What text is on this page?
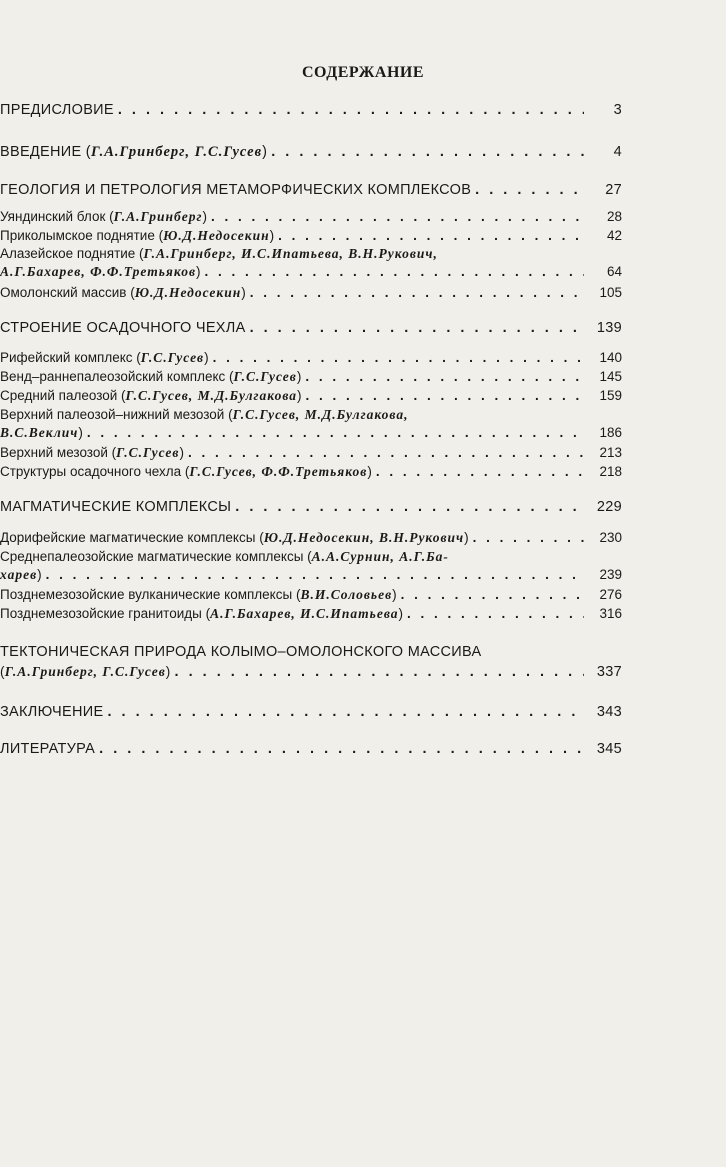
СОДЕРЖАНИЕ
ПРЕДИСЛОВИЕ . . .	3
ВВЕДЕНИЕ (Г.А.Гринберг, Г.С.Гусев) . . .	4
ГЕОЛОГИЯ И ПЕТРОЛОГИЯ МЕТАМОРФИЧЕСКИХ КОМПЛЕКСОВ . . .	27
Уяндинский блок (Г.А.Гринберг) . . .	28
Приколымское поднятие (Ю.Д.Недосекин) . . .	42
Алазейское поднятие (Г.А.Гринберг, И.С.Ипатьева, В.Н.Рукович,
А.Г.Бахарев, Ф.Ф.Третьяков) . . .	64
Омолонский массив (Ю.Д.Недосекин) . . .	105
СТРОЕНИЕ ОСАДОЧНОГО ЧЕХЛА . . .	139
Рифейский комплекс (Г.С.Гусев) . . .	140
Венд–раннепалеозойский комплекс (Г.С.Гусев) . . .	145
Средний палеозой (Г.С.Гусев, М.Д.Булгакова) . . .	159
Верхний палеозой–нижний мезозой (Г.С.Гусев, М.Д.Булгакова,
В.С.Веклич) . . .	186
Верхний мезозой (Г.С.Гусев) . . .	213
Структуры осадочного чехла (Г.С.Гусев, Ф.Ф.Третьяков) . . .	218
МАГМАТИЧЕСКИЕ КОМПЛЕКСЫ . . .	229
Дорифейские магматические комплексы (Ю.Д.Недосекин, В.Н.Рукович) . . .	230
Среднепалеозойские магматические комплексы (А.А.Сурнин, А.Г.Ба-
харев) . . .	239
Позднемезозойские вулканические комплексы (В.И.Соловьев) . . .	276
Позднемезозойские гранитоиды (А.Г.Бахарев, И.С.Ипатьева) . . .	316
ТЕКТОНИЧЕСКАЯ ПРИРОДА КОЛЫМО–ОМОЛОНСКОГО МАССИВА
(Г.А.Гринберг, Г.С.Гусев) . . .	337
ЗАКЛЮЧЕНИЕ . . .	343
ЛИТЕРАТУРА . . .	345
